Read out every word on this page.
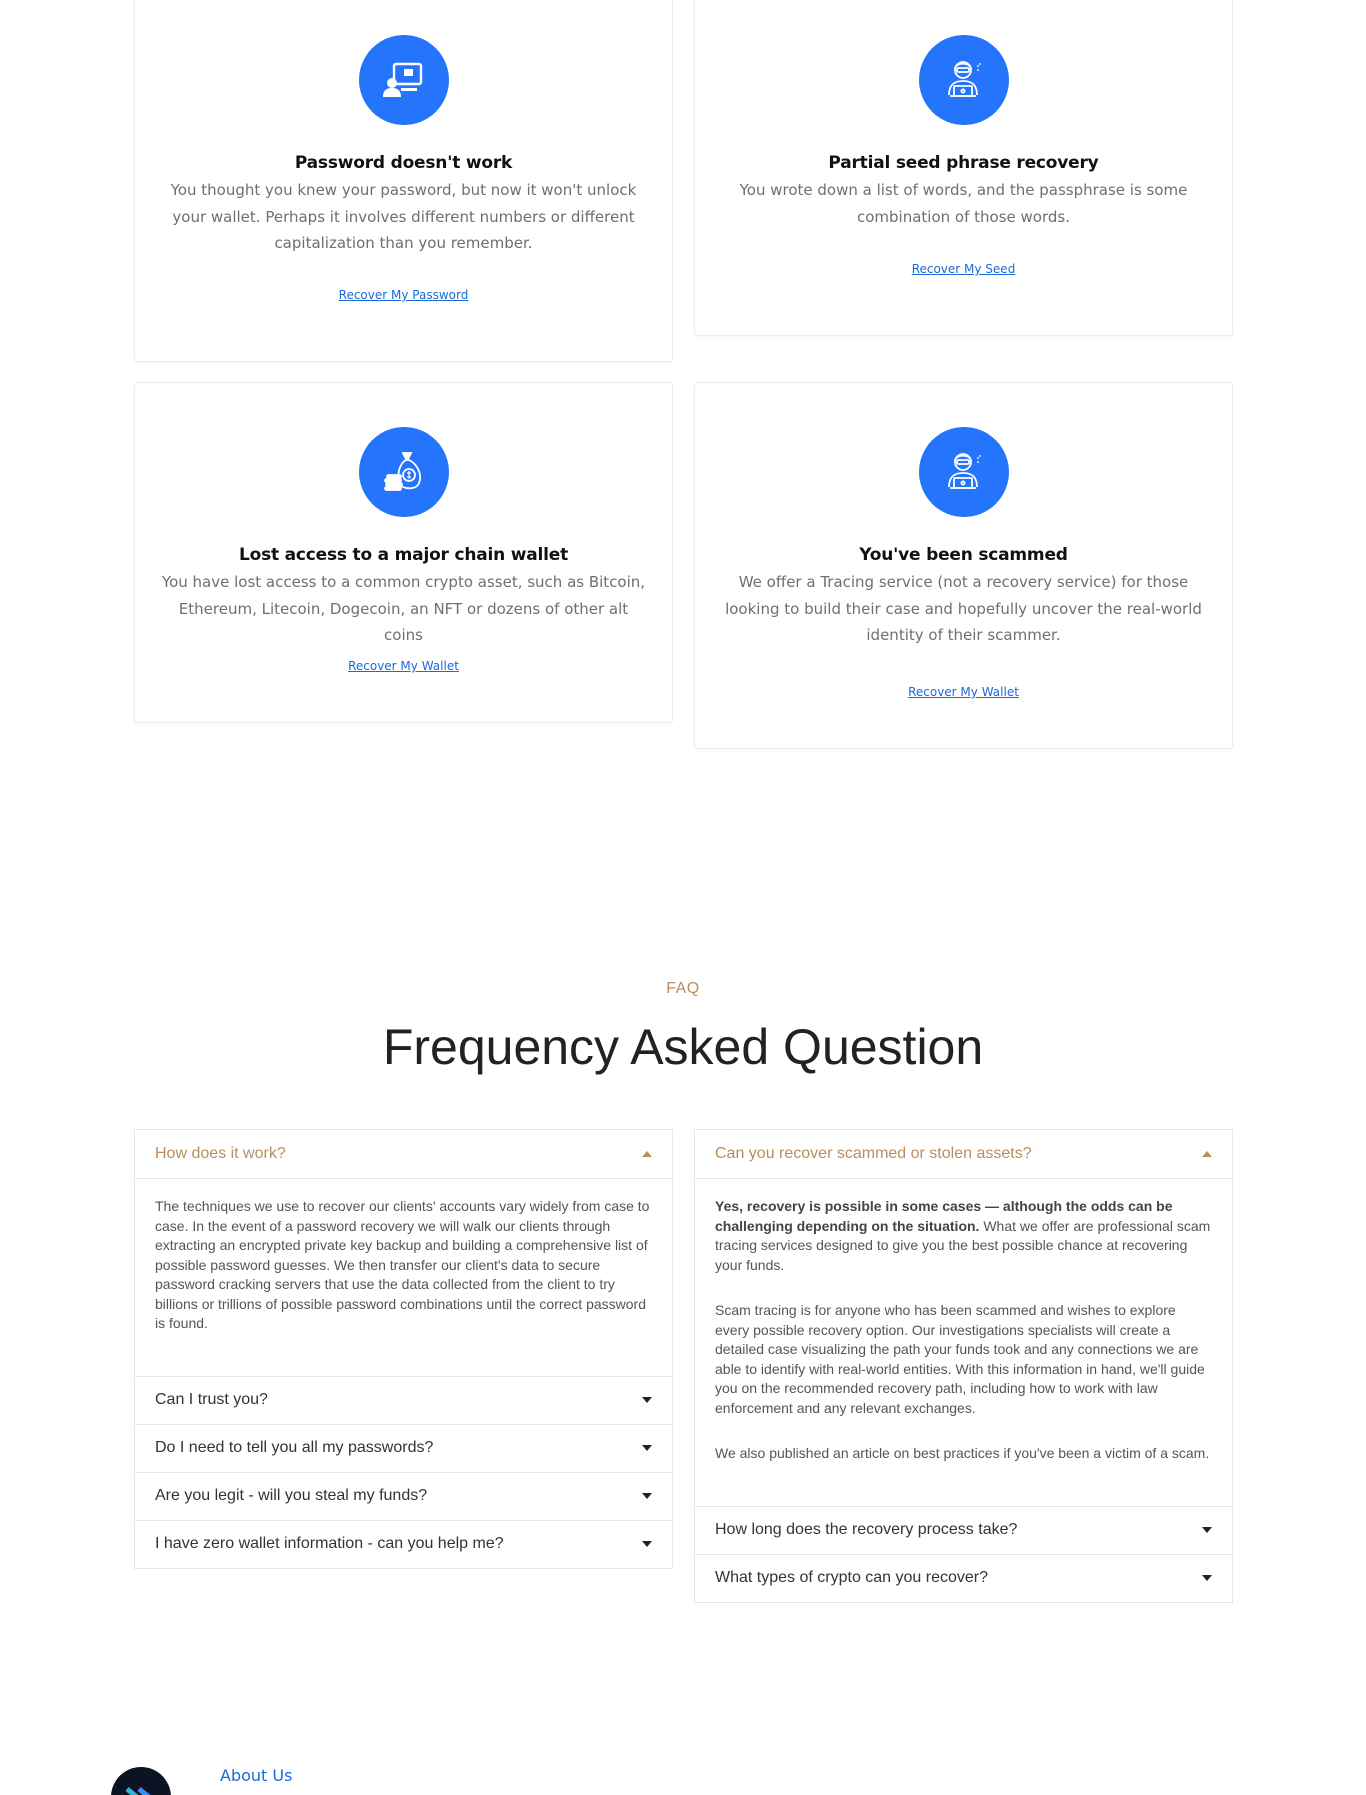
Password doesn't work

You thought you knew your password, but now it won't unlock your wallet. Perhaps it involves different numbers or different capitalization than you remember.

Recover My Password
Partial seed phrase recovery

You wrote down a list of words, and the passphrase is some combination of those words.

Recover My Seed
Lost access to a major chain wallet

You have lost access to a common crypto asset, such as Bitcoin, Ethereum, Litecoin, Dogecoin, an NFT or dozens of other alt coins

Recover My Wallet
You've been scammed

We offer a Tracing service (not a recovery service) for those looking to build their case and hopefully uncover the real-world identity of their scammer.

Recover My Wallet
FAQ
Frequency Asked Question
How does it work?

The techniques we use to recover our clients' accounts vary widely from case to case. In the event of a password recovery we will walk our clients through extracting an encrypted private key backup and building a comprehensive list of possible password guesses. We then transfer our client's data to secure password cracking servers that use the data collected from the client to try billions or trillions of possible password combinations until the correct password is found.

Can I trust you?
Do I need to tell you all my passwords?
Are you legit - will you steal my funds?
I have zero wallet information - can you help me?
Can you recover scammed or stolen assets?

Yes, recovery is possible in some cases — although the odds can be challenging depending on the situation. What we offer are professional scam tracing services designed to give you the best possible chance at recovering your funds.

Scam tracing is for anyone who has been scammed and wishes to explore every possible recovery option. Our investigations specialists will create a detailed case visualizing the path your funds took and any connections we are able to identify with real-world entities. With this information in hand, we'll guide you on the recommended recovery path, including how to work with law enforcement and any relevant exchanges.

We also published an article on best practices if you've been a victim of a scam.

How long does the recovery process take?
What types of crypto can you recover?
About Us
